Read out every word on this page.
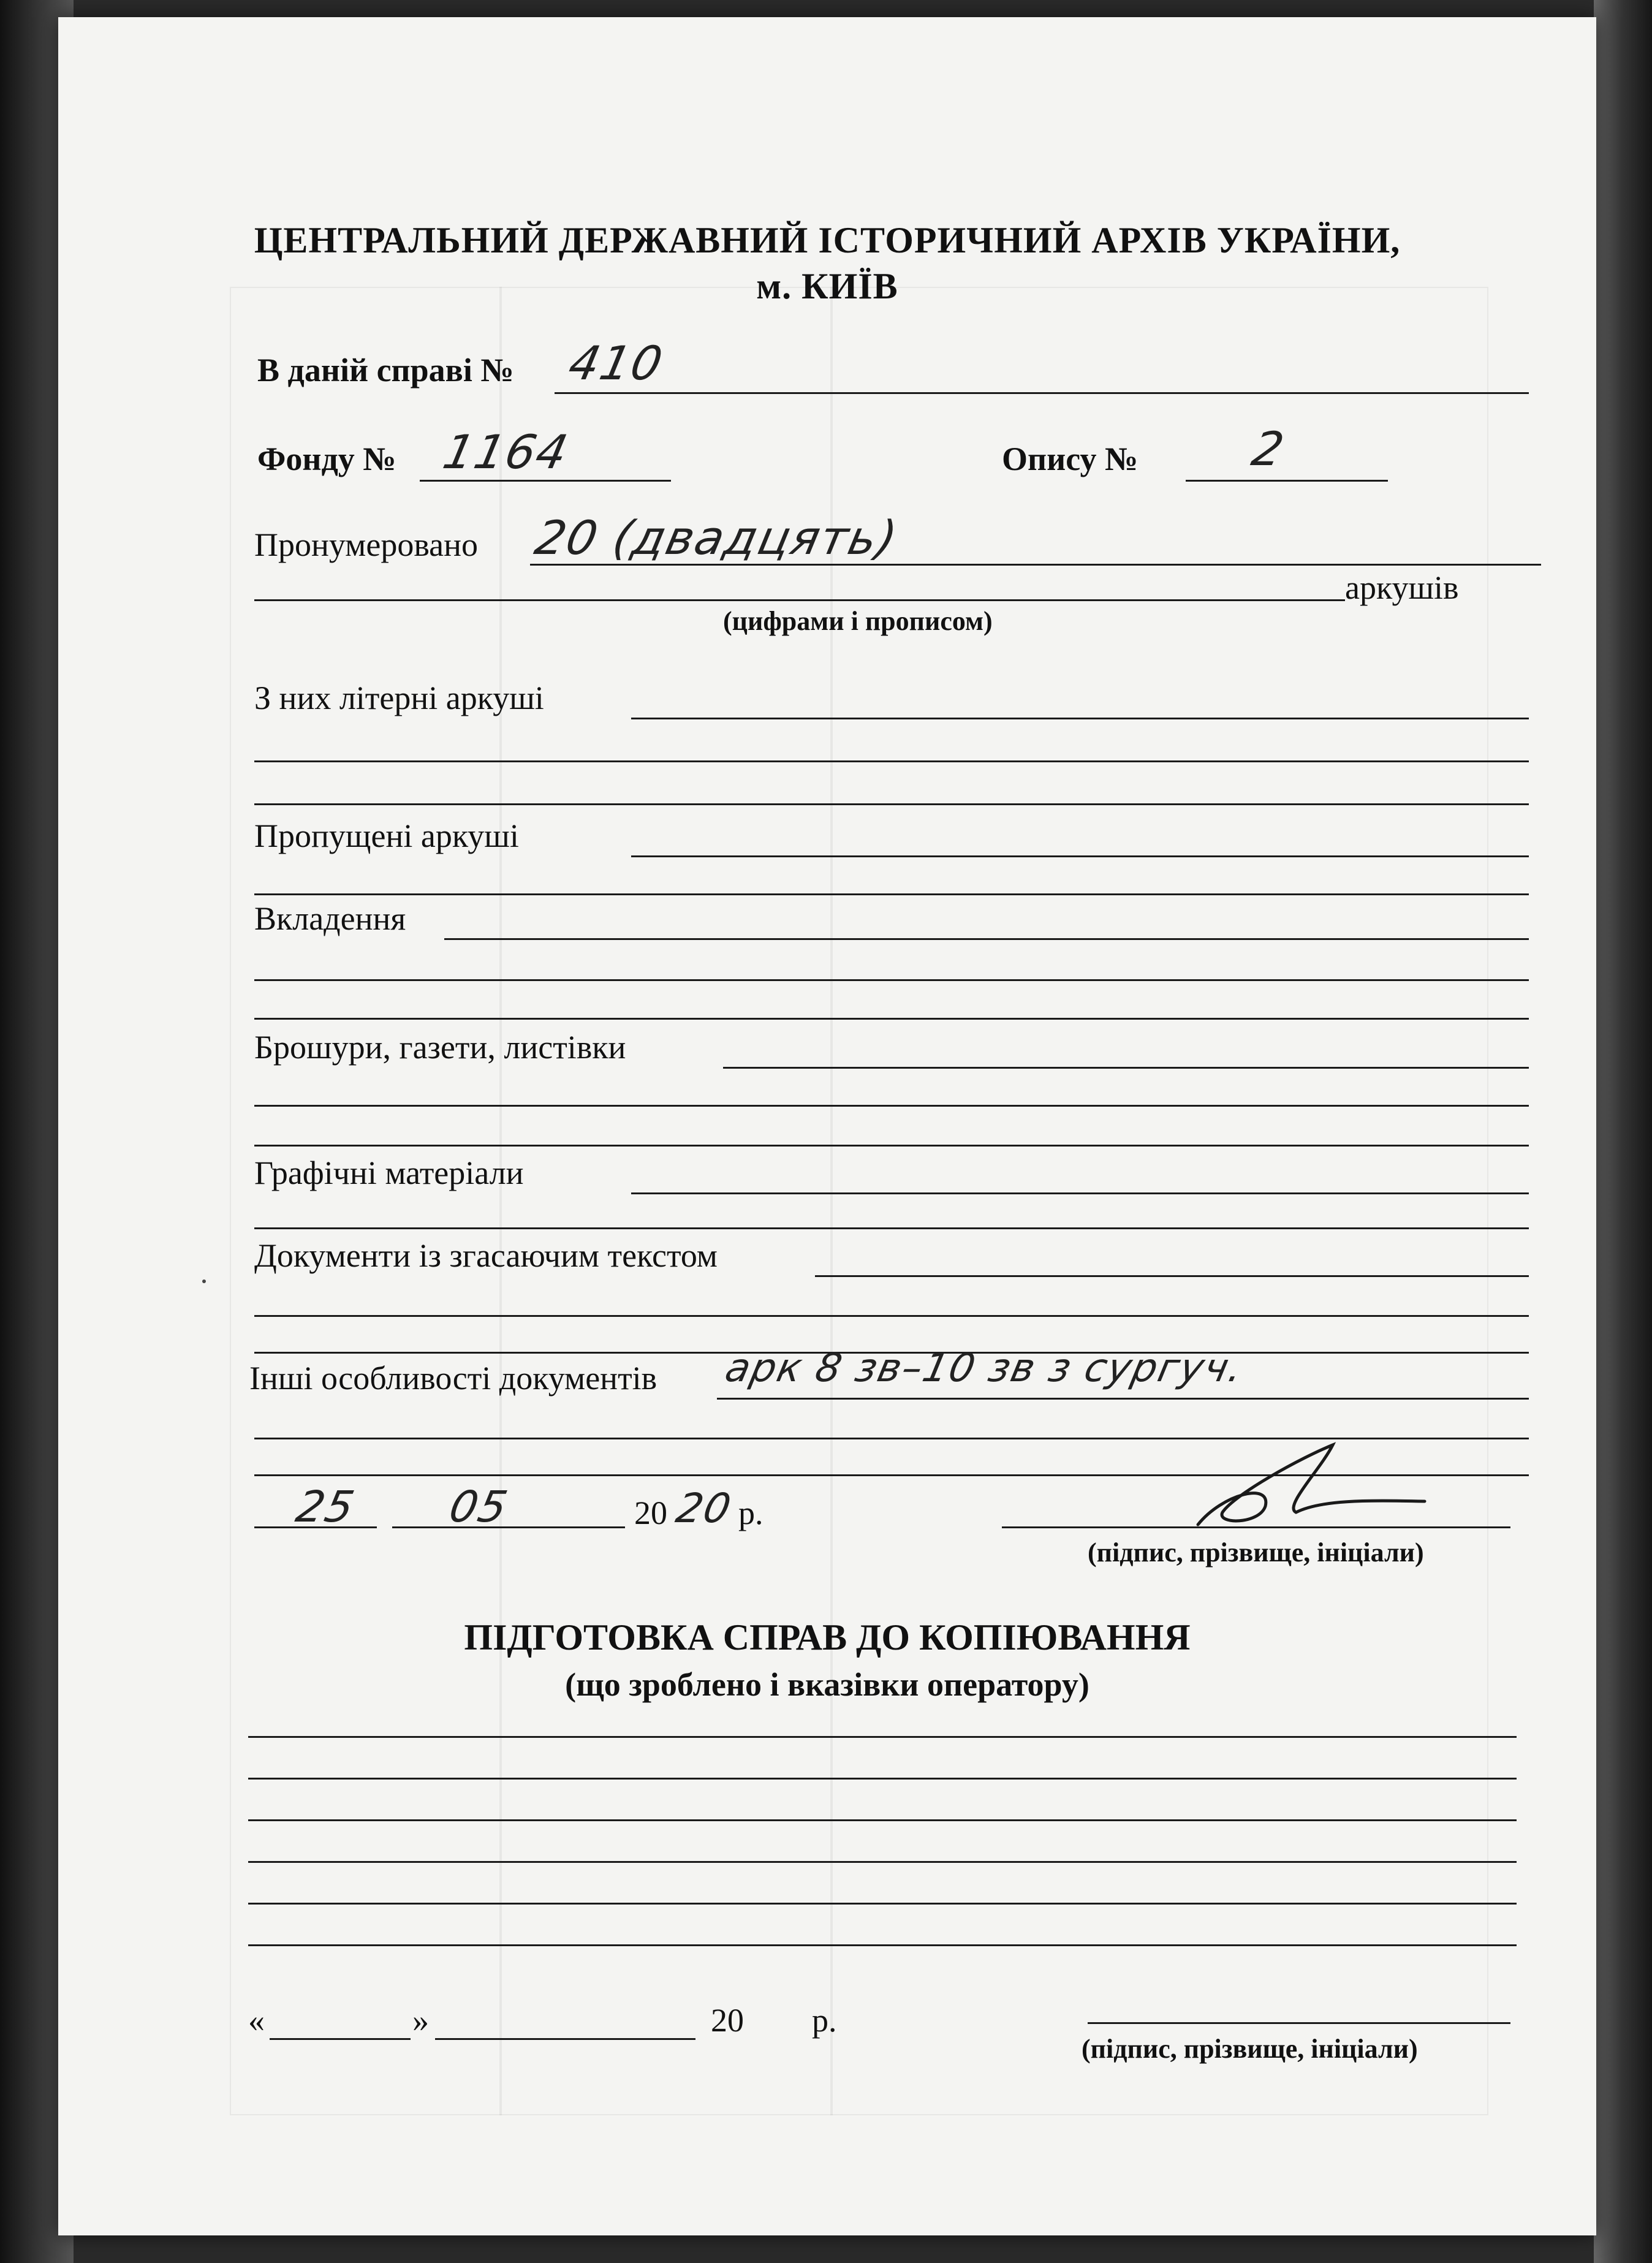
ЦЕНТРАЛЬНИЙ ДЕРЖАВНИЙ ІСТОРИЧНИЙ АРХІВ УКРАЇНИ,
м. КИЇВ
В даній справі № 410
Фонду № 1164	Опису № 2
Пронумеровано 20 (двадцять)
аркушів
(цифрами і прописом)
З них літерні аркуші
Пропущені аркуші
Вкладення
Брошури, газети, листівки
Графічні матеріали
Документи із згасаючим текстом
Інші особливості документів арк 8 зв–10 зв з сургуч.
25 05	20 20 р.
(підпис, прізвище, ініціали)
ПІДГОТОВКА СПРАВ ДО КОПІЮВАННЯ
(що зроблено і вказівки оператору)
«	»	20 р.
(підпис, прізвище, ініціали)
